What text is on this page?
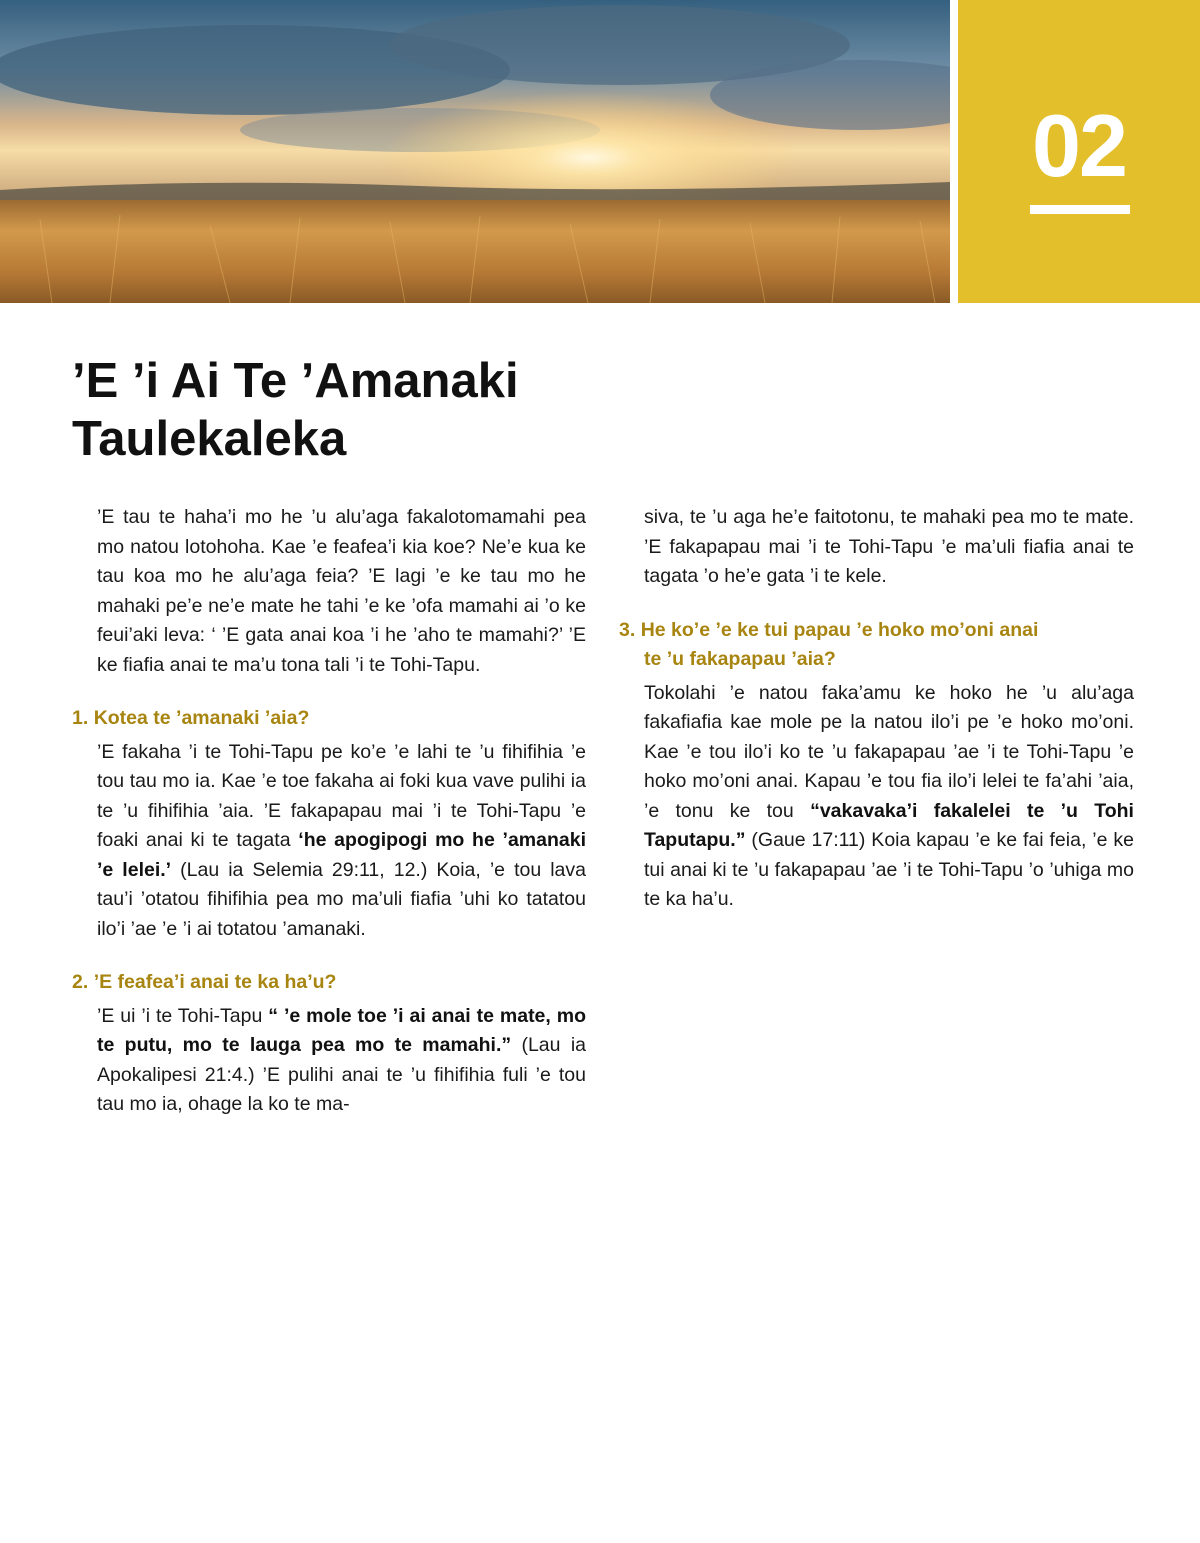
02
’E ’i Ai Te ’Amanaki Taulekaleka

’E tau te haha’i mo he ’u alu’aga fakalotomamahi pea mo natou lotohoha. Kae ’e feafea’i kia koe? Ne’e kua ke tau koa mo he alu’aga feia? ’E lagi ’e ke tau mo he mahaki pe’e ne’e mate he tahi ’e ke ’ofa mamahi ai ’o ke feui’aki leva: ‘ ’E gata anai koa ’i he ’aho te mamahi?’ ’E ke fiafia anai te ma’u tona tali ’i te Tohi-Tapu.

1. Kotea te ’amanaki ’aia?

’E fakaha ’i te Tohi-Tapu pe ko’e ’e lahi te ’u fihifihia ’e tou tau mo ia. Kae ’e toe fakaha ai foki kua vave pulihi ia te ’u fihifihia ’aia. ’E fakapapau mai ’i te Tohi-Tapu ’e foaki anai ki te tagata ‘he apogipogi mo he ’amanaki ’e lelei.’ (Lau ia Selemia 29:11, 12.) Koia, ’e tou lava tau’i ’otatou fihifihia pea mo ma’uli fiafia ’uhi ko tatatou ilo’i ’ae ’e ’i ai totatou ’amanaki.

2. ’E feafea’i anai te ka ha’u?

’E ui ’i te Tohi-Tapu “ ’e mole toe ’i ai anai te mate, mo te putu, mo te lauga pea mo te mamahi.” (Lau ia Apokalipesi 21:4.) ’E pulihi anai te ’u fihifihia fuli ’e tou tau mo ia, ohage la ko te ma-

siva, te ’u aga he’e faitotonu, te mahaki pea mo te mate. ’E fakapapau mai ’i te Tohi-Tapu ’e ma’uli fiafia anai te tagata ’o he’e gata ’i te kele.

3. He ko’e ’e ke tui papau ’e hoko mo’oni anai
te ’u fakapapau ’aia?

Tokolahi ’e natou faka’amu ke hoko he ’u alu’aga fakafiafia kae mole pe la natou ilo’i pe ’e hoko mo’oni. Kae ’e tou ilo’i ko te ’u fakapapau ’ae ’i te Tohi-Tapu ’e hoko mo’oni anai. Kapau ’e tou fia ilo’i lelei te fa’ahi ’aia, ’e tonu ke tou “vakavaka’i fakalelei te ’u Tohi Taputapu.” (Gaue 17:11) Koia kapau ’e ke fai feia, ’e ke tui anai ki te ’u fakapapau ’ae ’i te Tohi-Tapu ’o ’uhiga mo te ka ha’u.
